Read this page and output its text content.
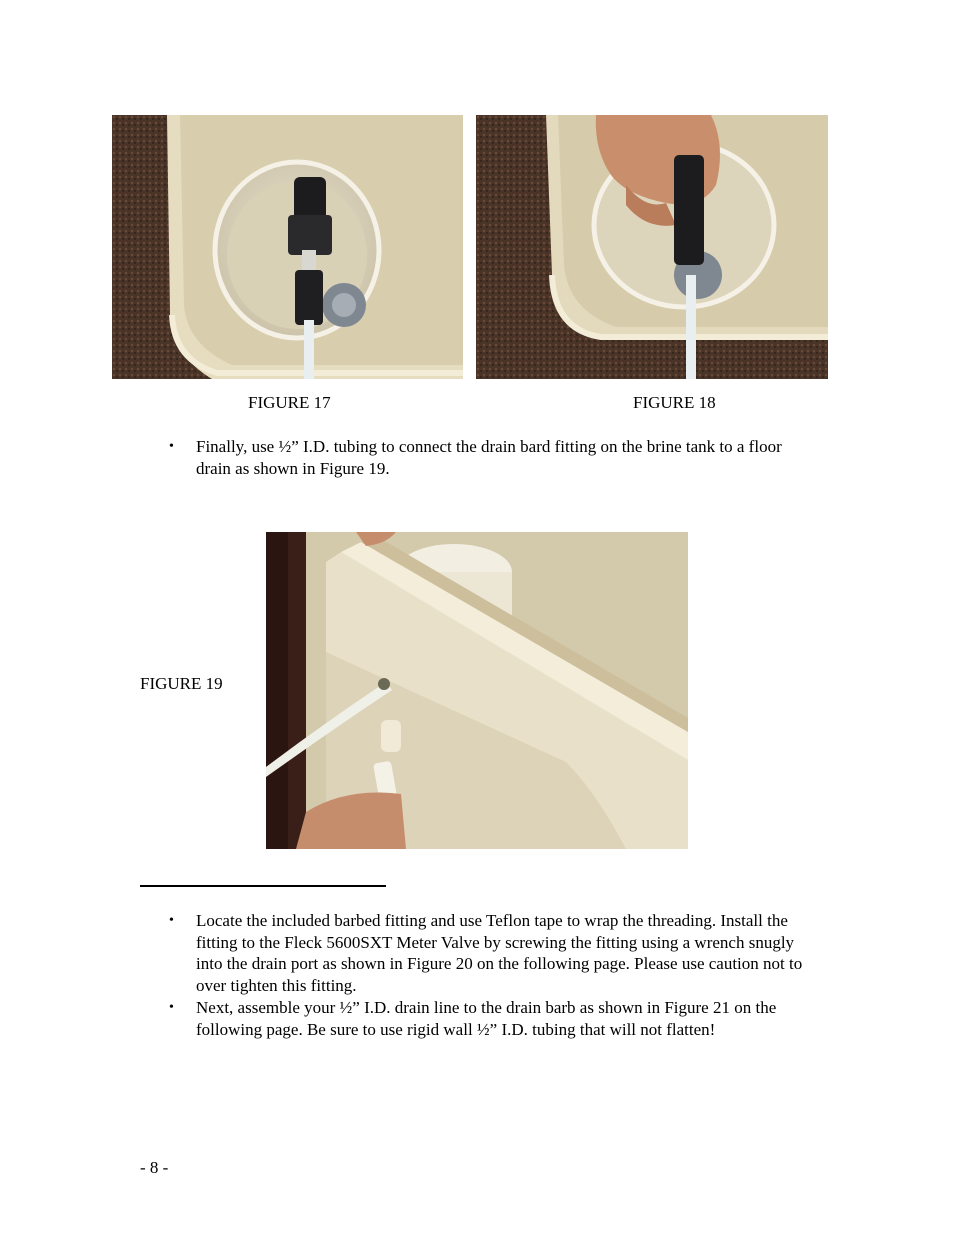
FIGURE 17	FIGURE 18
• Finally, use ½” I.D. tubing to connect the drain bard fitting on the brine tank to a floor drain as shown in Figure 19.
FIGURE 19
• Locate the included barbed fitting and use Teflon tape to wrap the threading. Install the fitting to the Fleck 5600SXT Meter Valve by screwing the fitting using a wrench snugly into the drain port as shown in Figure 20 on the following page. Please use caution not to over tighten this fitting.
• Next, assemble your ½” I.D. drain line to the drain barb as shown in Figure 21 on the following page. Be sure to use rigid wall ½” I.D. tubing that will not flatten!
- 8 -
